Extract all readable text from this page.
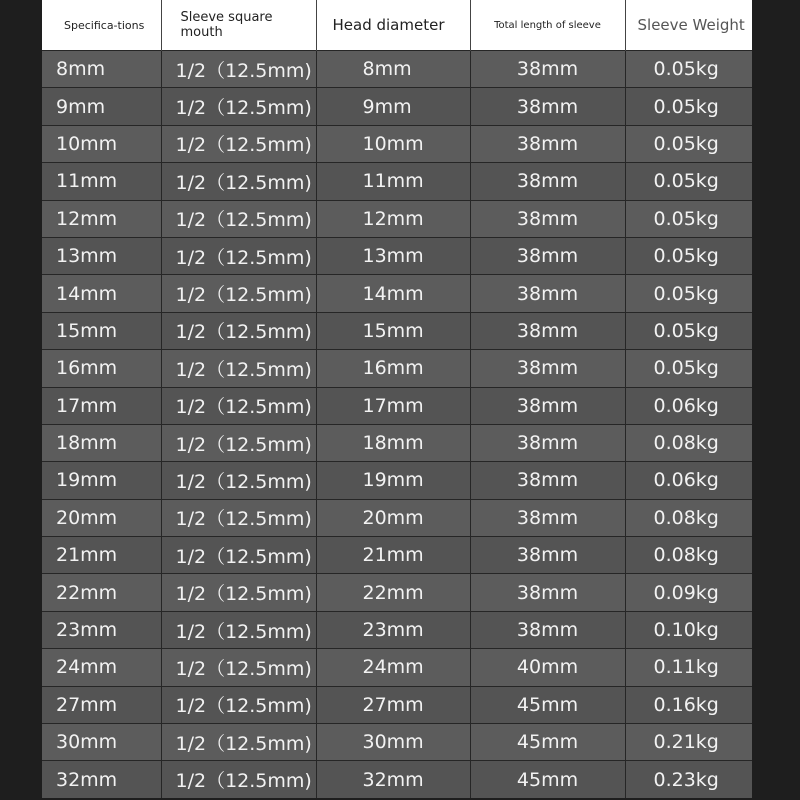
Specifica-tions	Sleeve square mouth	Head diameter	Total length of sleeve	Sleeve Weight
8mm	1/2（12.5mm)	8mm	38mm	0.05kg
9mm	1/2（12.5mm)	9mm	38mm	0.05kg
10mm	1/2（12.5mm)	10mm	38mm	0.05kg
11mm	1/2（12.5mm)	11mm	38mm	0.05kg
12mm	1/2（12.5mm)	12mm	38mm	0.05kg
13mm	1/2（12.5mm)	13mm	38mm	0.05kg
14mm	1/2（12.5mm)	14mm	38mm	0.05kg
15mm	1/2（12.5mm)	15mm	38mm	0.05kg
16mm	1/2（12.5mm)	16mm	38mm	0.05kg
17mm	1/2（12.5mm)	17mm	38mm	0.06kg
18mm	1/2（12.5mm)	18mm	38mm	0.08kg
19mm	1/2（12.5mm)	19mm	38mm	0.06kg
20mm	1/2（12.5mm)	20mm	38mm	0.08kg
21mm	1/2（12.5mm)	21mm	38mm	0.08kg
22mm	1/2（12.5mm)	22mm	38mm	0.09kg
23mm	1/2（12.5mm)	23mm	38mm	0.10kg
24mm	1/2（12.5mm)	24mm	40mm	0.11kg
27mm	1/2（12.5mm)	27mm	45mm	0.16kg
30mm	1/2（12.5mm)	30mm	45mm	0.21kg
32mm	1/2（12.5mm)	32mm	45mm	0.23kg
